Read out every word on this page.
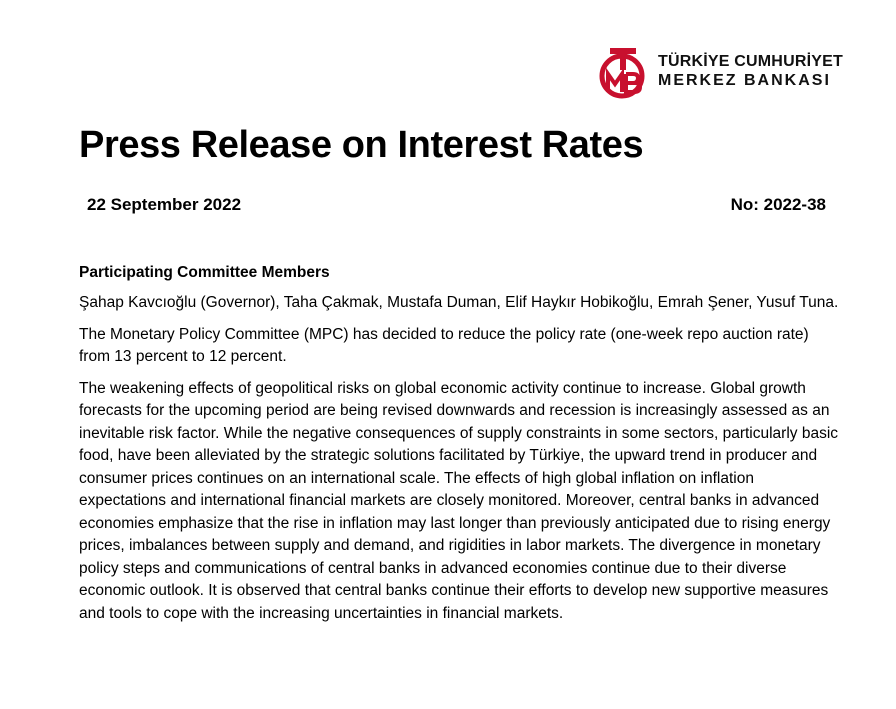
TÜRKİYE CUMHURİYET
MERKEZ BANKASI
Press Release on Interest Rates
22 September 2022	No: 2022-38

Participating Committee Members

Şahap Kavcıoğlu (Governor), Taha Çakmak, Mustafa Duman, Elif Haykır Hobikoğlu, Emrah Şener, Yusuf Tuna.

The Monetary Policy Committee (MPC) has decided to reduce the policy rate (one-week repo auction rate) from 13 percent to 12 percent.

The weakening effects of geopolitical risks on global economic activity continue to increase. Global growth forecasts for the upcoming period are being revised downwards and recession is increasingly assessed as an inevitable risk factor. While the negative consequences of supply constraints in some sectors, particularly basic food, have been alleviated by the strategic solutions facilitated by Türkiye, the upward trend in producer and consumer prices continues on an international scale. The effects of high global inflation on inflation expectations and international financial markets are closely monitored. Moreover, central banks in advanced economies emphasize that the rise in inflation may last longer than previously anticipated due to rising energy prices, imbalances between supply and demand, and rigidities in labor markets. The divergence in monetary policy steps and communications of central banks in advanced economies continue due to their diverse economic outlook. It is observed that central banks continue their efforts to develop new supportive measures and tools to cope with the increasing uncertainties in financial markets.
